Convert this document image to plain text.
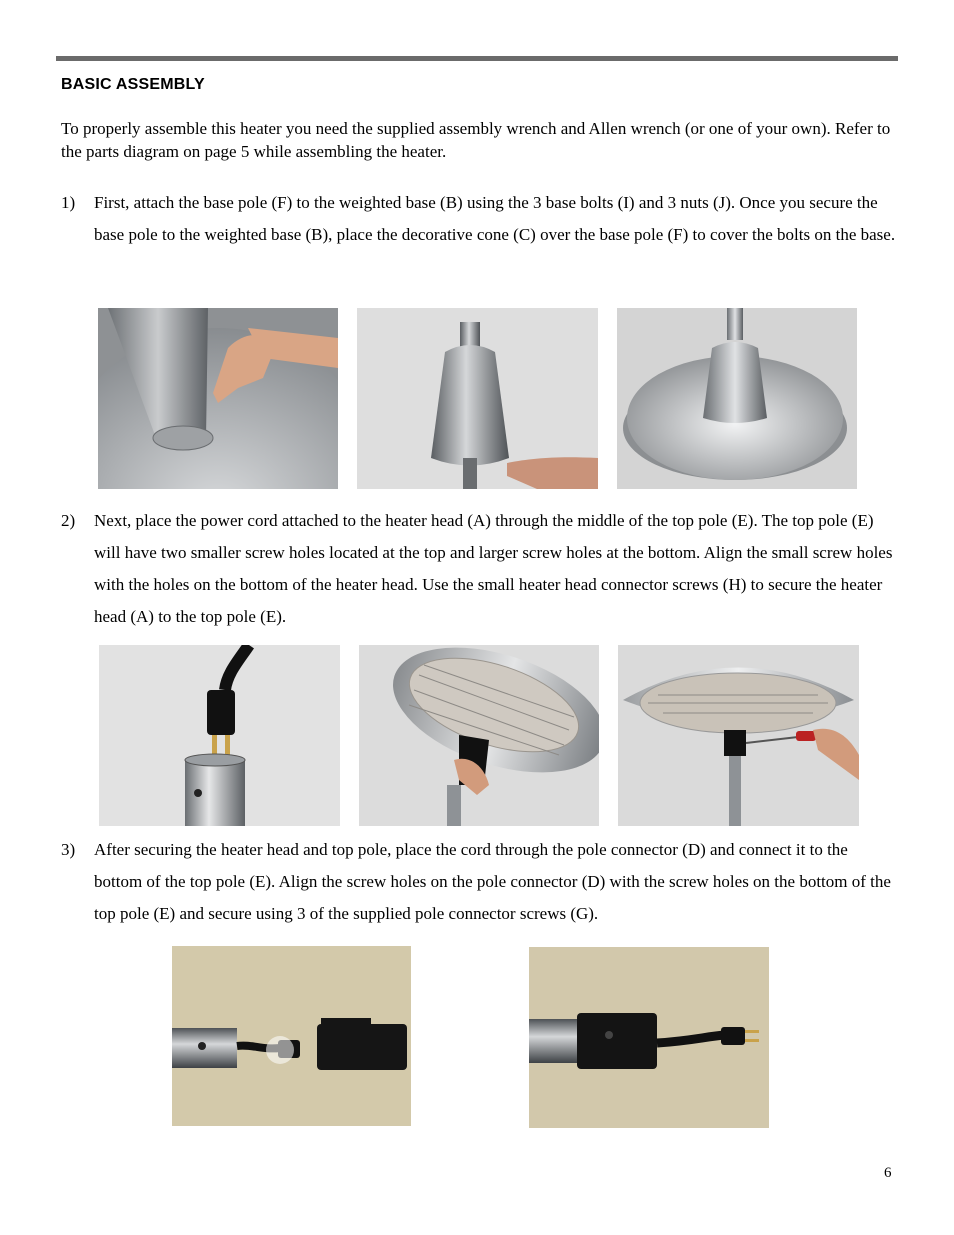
BASIC ASSEMBLY
To properly assemble this heater you need the supplied assembly wrench and Allen wrench (or one of your own). Refer to the parts diagram on page 5 while assembling the heater.
1) First, attach the base pole (F) to the weighted base (B) using the 3 base bolts (I) and 3 nuts (J). Once you secure the base pole to the weighted base (B), place the decorative cone (C) over the base pole (F) to cover the bolts on the base.
2) Next, place the power cord attached to the heater head (A) through the middle of the top pole (E). The top pole (E) will have two smaller screw holes located at the top and larger screw holes at the bottom. Align the small screw holes with the holes on the bottom of the heater head. Use the small heater head connector screws (H) to secure the heater head (A) to the top pole (E).
3) After securing the heater head and top pole, place the cord through the pole connector (D) and connect it to the bottom of the top pole (E). Align the screw holes on the pole connector (D) with the screw holes on the bottom of the top pole (E) and secure using 3 of the supplied pole connector screws (G).
6
